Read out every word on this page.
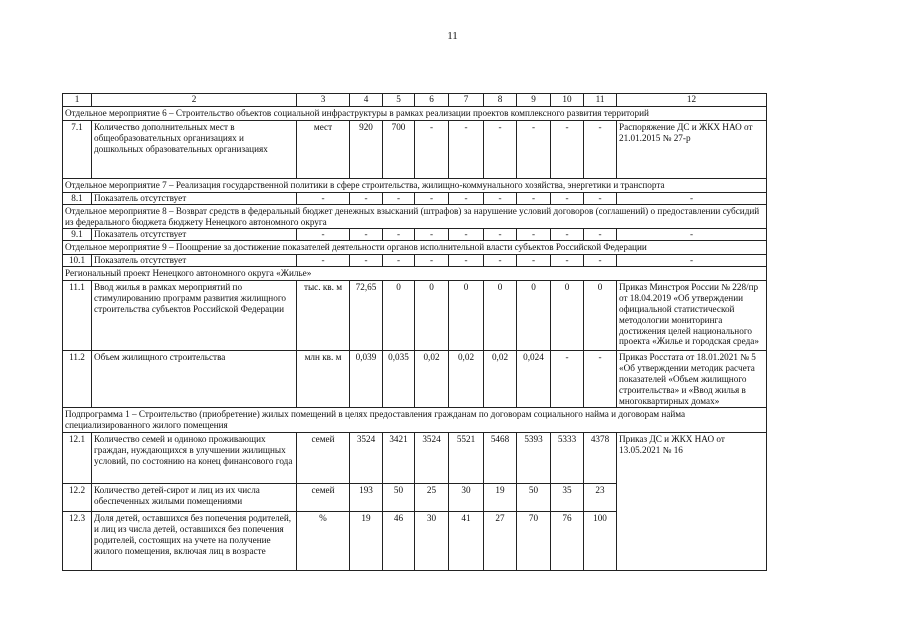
11
1	2	3	4	5	6	7	8	9	10	11	12
Отдельное мероприятие 6 – Строительство объектов социальной инфраструктуры в рамках реализации проектов комплексного развития территорий											
7.1	Количество дополнительных мест в общеобразовательных организациях и дошкольных образовательных организациях	мест	920	700	-	-	-	-	-	-	Распоряжение ДС и ЖКХ НАО от 21.01.2015 № 27-р
Отдельное мероприятие 7 – Реализация государственной политики в сфере строительства, жилищно-коммунального хозяйства, энергетики и транспорта											
8.1	Показатель отсутствует	-	-	-	-	-	-	-	-	-	-
Отдельное мероприятие 8 – Возврат средств в федеральный бюджет денежных взысканий (штрафов) за нарушение условий договоров (соглашений) о предоставлении субсидий из федерального бюджета бюджету Ненецкого автономного округа											
9.1	Показатель отсутствует	-	-	-	-	-	-	-	-	-	-
Отдельное мероприятие 9 – Поощрение за достижение показателей деятельности органов исполнительной власти субъектов Российской Федерации											
10.1	Показатель отсутствует	-	-	-	-	-	-	-	-	-	-
Региональный проект Ненецкого автономного округа «Жилье»											
11.1	Ввод жилья в рамках мероприятий по стимулированию программ развития жилищного строительства субъектов Российской Федерации	тыс. кв. м	72,65	0	0	0	0	0	0	0	Приказ Минстроя России № 228/пр от 18.04.2019 «Об утверждении официальной статистической методологии мониторинга достижения целей национального проекта «Жилье и городская среда»
11.2	Объем жилищного строительства	млн кв. м	0,039	0,035	0,02	0,02	0,02	0,024	-	-	Приказ Росстата от 18.01.2021 № 5 «Об утверждении методик расчета показателей «Объем жилищного строительства» и «Ввод жилья в многоквартирных домах»
Подпрограмма 1 – Строительство (приобретение) жилых помещений в целях предоставления гражданам по договорам социального найма и договорам найма специализированного жилого помещения											
12.1	Количество семей и одиноко проживающих граждан, нуждающихся в улучшении жилищных условий, по состоянию на конец финансового года	семей	3524	3421	3524	5521	5468	5393	5333	4378	Приказ ДС и ЖКХ НАО от 13.05.2021 № 16
12.2	Количество детей-сирот и лиц из их числа обеспеченных жилыми помещениями	семей	193	50	25	30	19	50	35	23	
12.3	Доля детей, оставшихся без попечения родителей, и лиц из числа детей, оставшихся без попечения родителей, состоящих на учете на получение жилого помещения, включая лиц в возрасте	%	19	46	30	41	27	70	76	100	
